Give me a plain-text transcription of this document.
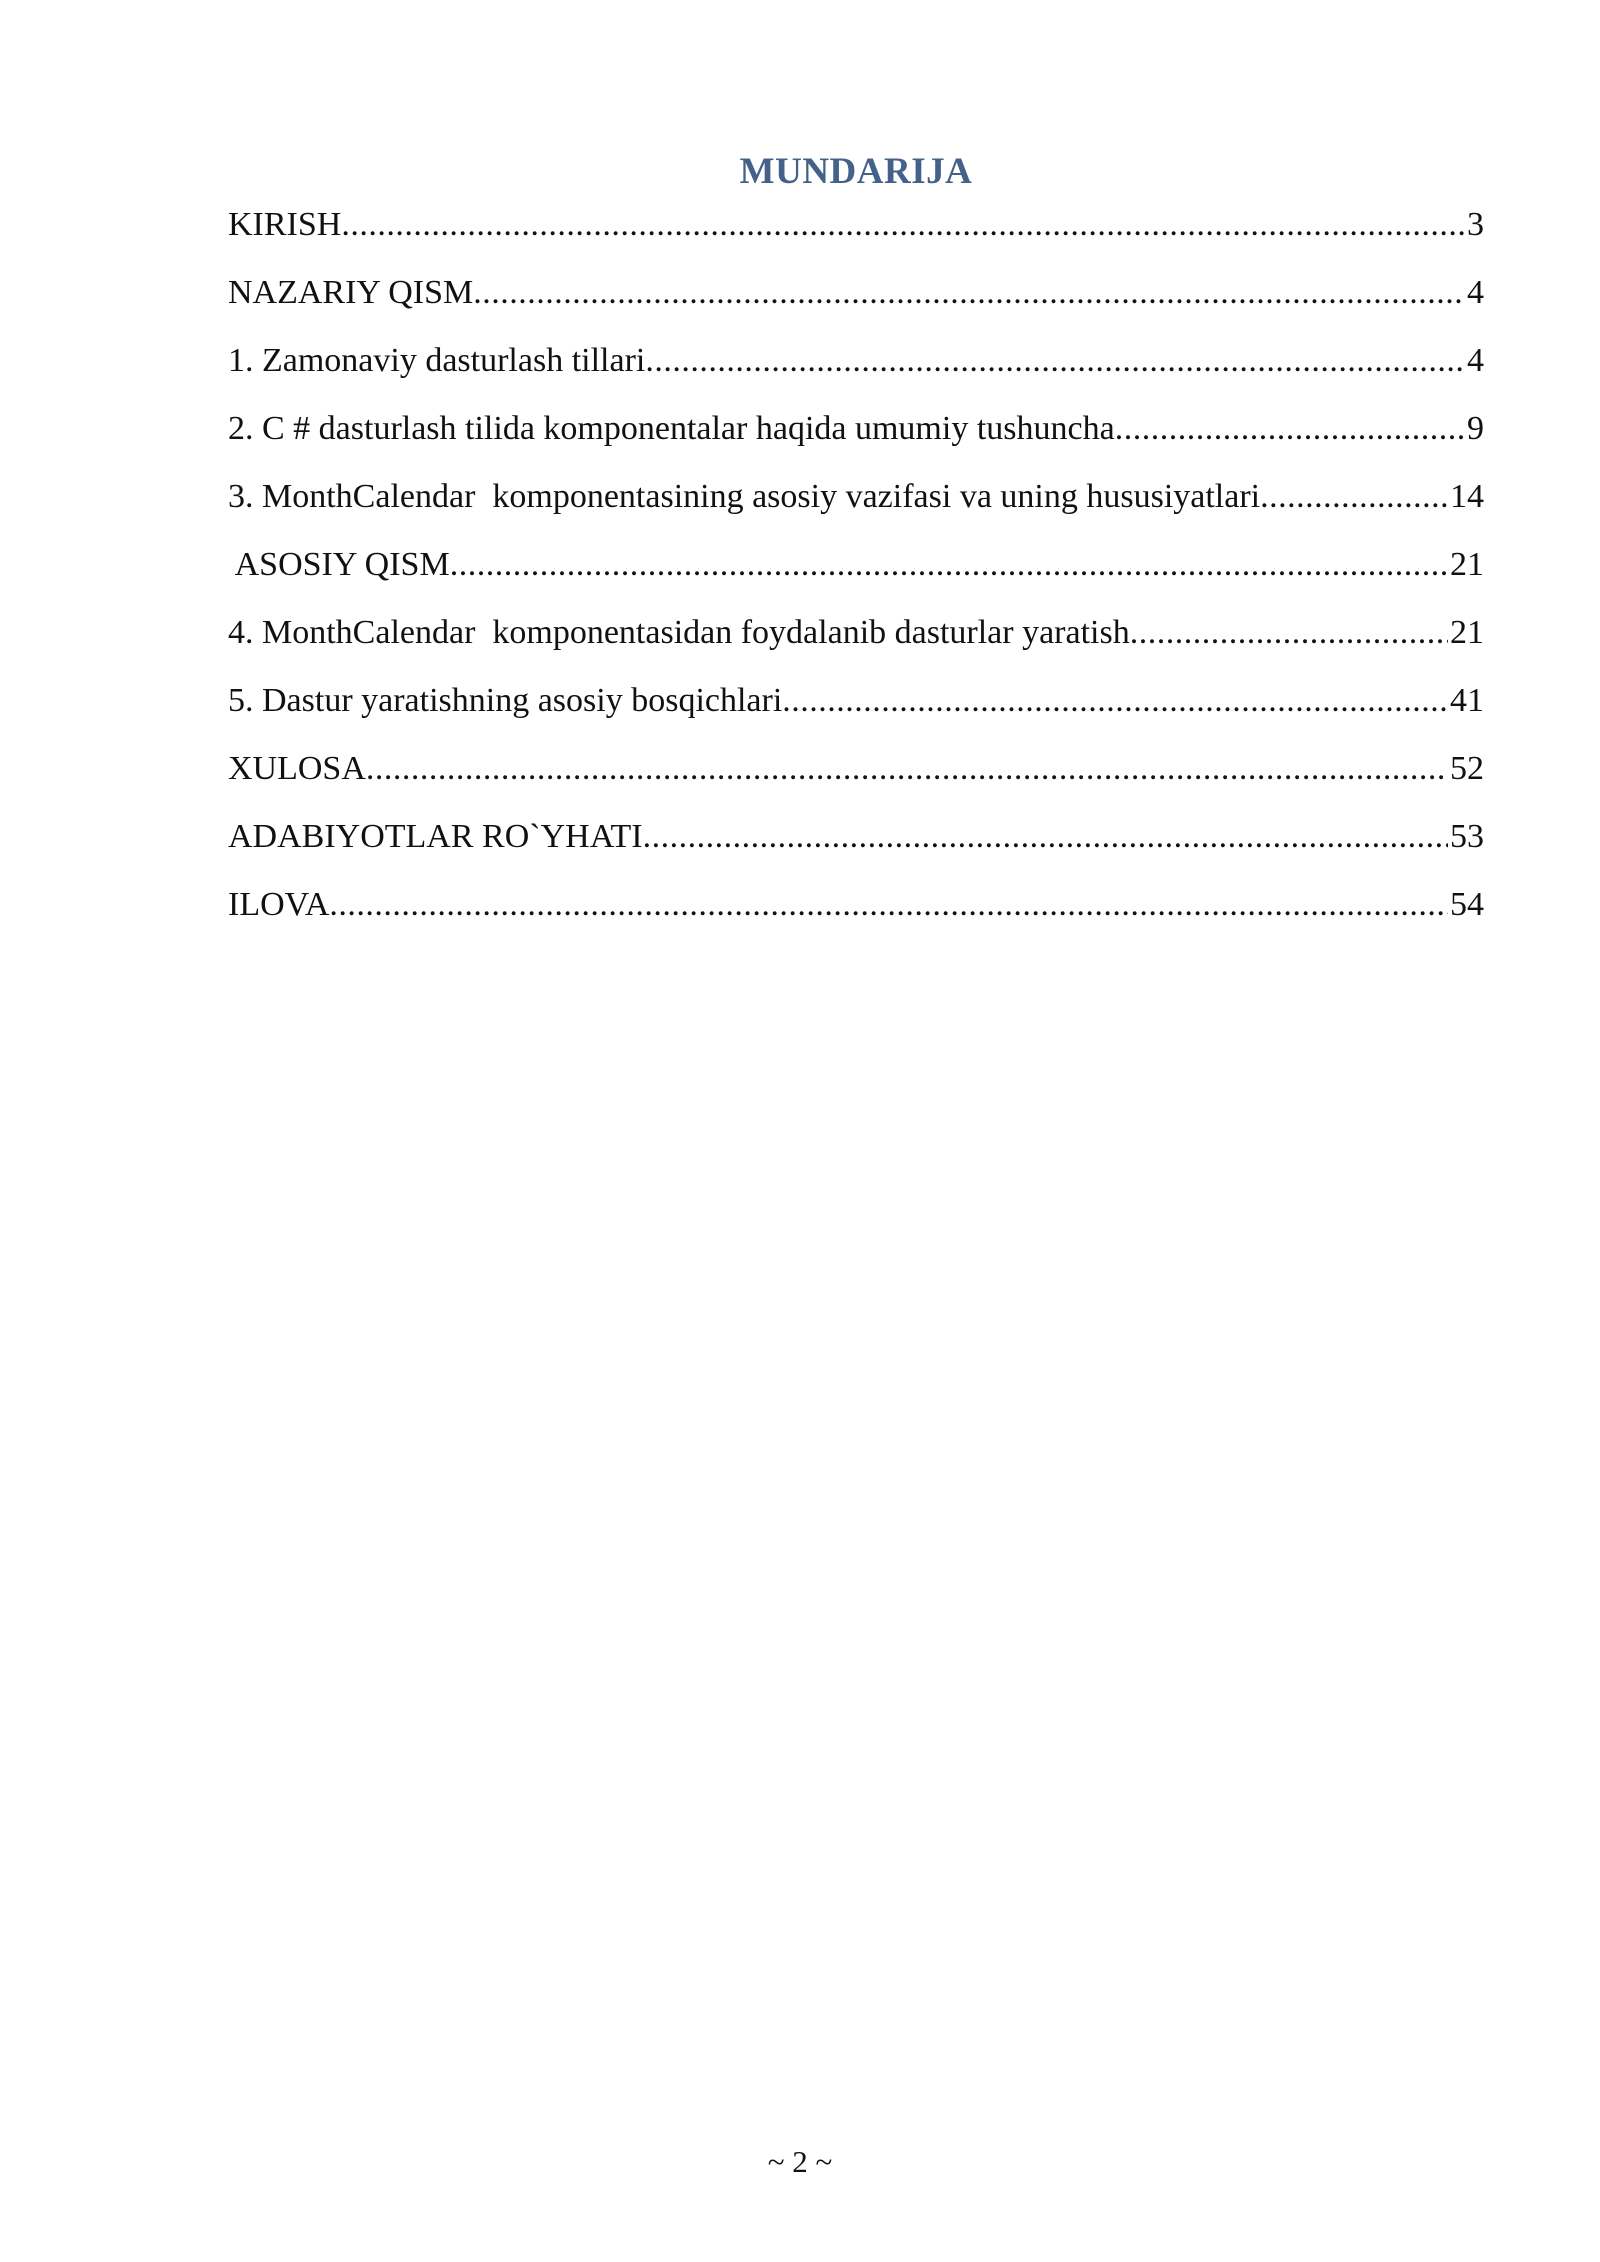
MUNDARIJA
KIRISH .....	3
NAZARIY QISM .....	4
1. Zamonaviy dasturlash tillari .....	4
2. C # dasturlash tilida komponentalar haqida umumiy tushuncha .....	9
3. MonthCalendar  komponentasining asosiy vazifasi va uning hususiyatlari .....	14
ASOSIY QISM .....	21
4. MonthCalendar  komponentasidan foydalanib dasturlar yaratish .....	21
5. Dastur yaratishning asosiy bosqichlari .....	41
XULOSA .....	52
ADABIYOTLAR RO`YHATI .....	53
ILOVA .....	54
~ 2 ~
